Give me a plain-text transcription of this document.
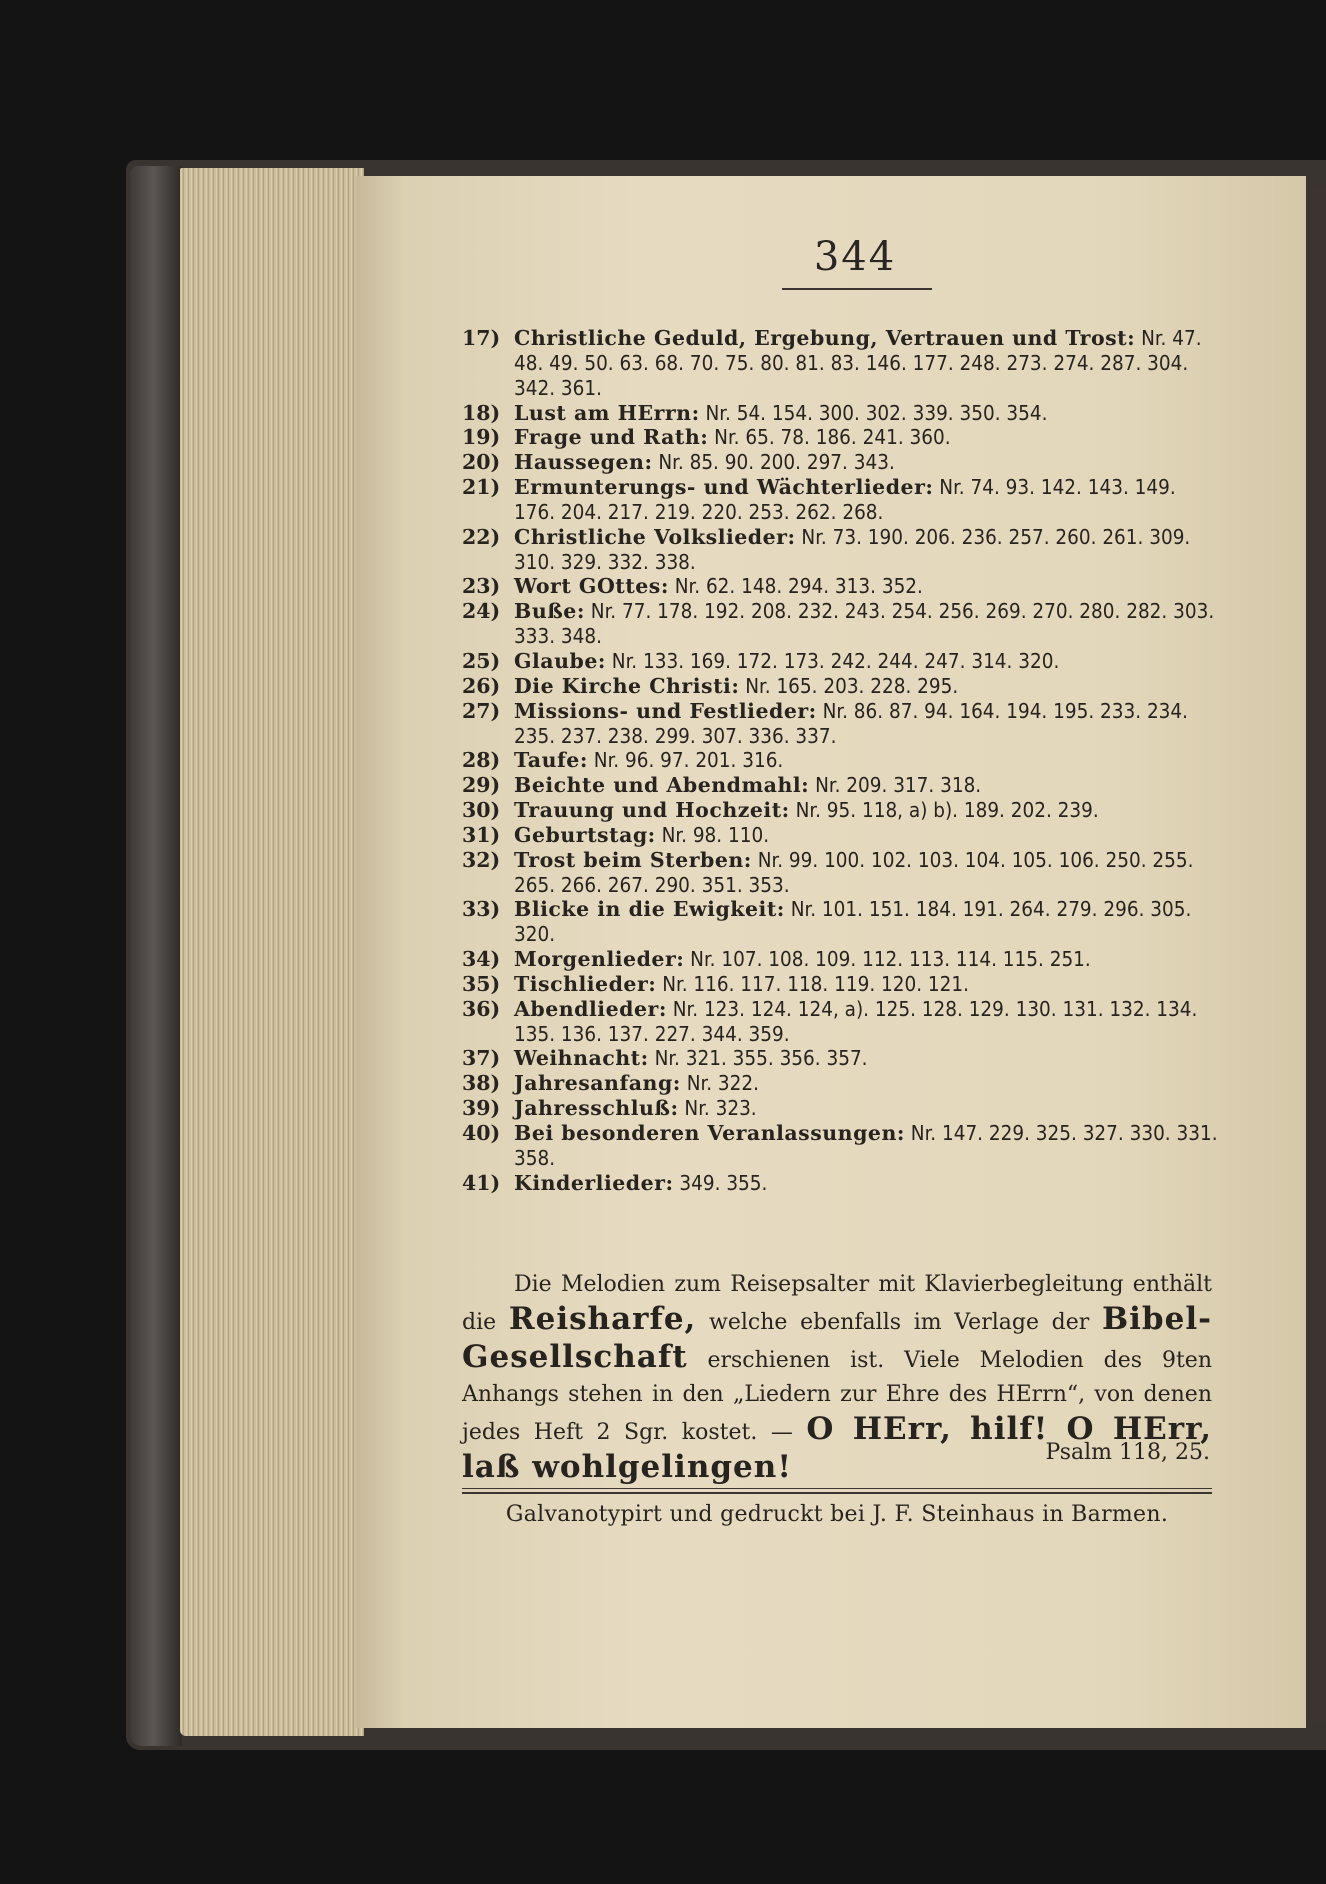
344
17) Christliche Geduld, Ergebung, Vertrauen und Trost: Nr. 47. 48. 49. 50. 63. 68. 70. 75. 80. 81. 83. 146. 177. 248. 273. 274. 287. 304. 342. 361.
18) Lust am HErrn: Nr. 54. 154. 300. 302. 339. 350. 354.
19) Frage und Rath: Nr. 65. 78. 186. 241. 360.
20) Haussegen: Nr. 85. 90. 200. 297. 343.
21) Ermunterungs- und Wächterlieder: Nr. 74. 93. 142. 143. 149. 176. 204. 217. 219. 220. 253. 262. 268.
22) Christliche Volkslieder: Nr. 73. 190. 206. 236. 257. 260. 261. 309. 310. 329. 332. 338.
23) Wort GOttes: Nr. 62. 148. 294. 313. 352.
24) Buße: Nr. 77. 178. 192. 208. 232. 243. 254. 256. 269. 270. 280. 282. 303. 333. 348.
25) Glaube: Nr. 133. 169. 172. 173. 242. 244. 247. 314. 320.
26) Die Kirche Christi: Nr. 165. 203. 228. 295.
27) Missions- und Festlieder: Nr. 86. 87. 94. 164. 194. 195. 233. 234. 235. 237. 238. 299. 307. 336. 337.
28) Taufe: Nr. 96. 97. 201. 316.
29) Beichte und Abendmahl: Nr. 209. 317. 318.
30) Trauung und Hochzeit: Nr. 95. 118, a) b). 189. 202. 239.
31) Geburtstag: Nr. 98. 110.
32) Trost beim Sterben: Nr. 99. 100. 102. 103. 104. 105. 106. 250. 255. 265. 266. 267. 290. 351. 353.
33) Blicke in die Ewigkeit: Nr. 101. 151. 184. 191. 264. 279. 296. 305. 320.
34) Morgenlieder: Nr. 107. 108. 109. 112. 113. 114. 115. 251.
35) Tischlieder: Nr. 116. 117. 118. 119. 120. 121.
36) Abendlieder: Nr. 123. 124. 124, a). 125. 128. 129. 130. 131. 132. 134. 135. 136. 137. 227. 344. 359.
37) Weihnacht: Nr. 321. 355. 356. 357.
38) Jahresanfang: Nr. 322.
39) Jahresschluß: Nr. 323.
40) Bei besonderen Veranlassungen: Nr. 147. 229. 325. 327. 330. 331. 358.
41) Kinderlieder: 349. 355.

Die Melodien zum Reisepsalter mit Klavierbegleitung enthält die Reisharfe, welche ebenfalls im Verlage der Bibel-Gesellschaft erschienen ist. Viele Melodien des 9ten Anhangs stehen in den „Liedern zur Ehre des HErrn“, von denen jedes Heft 2 Sgr. kostet. — O HErr, hilf! O HErr, laß wohlgelingen!	Psalm 118, 25.
Galvanotypirt und gedruckt bei J. F. Steinhaus in Barmen.
